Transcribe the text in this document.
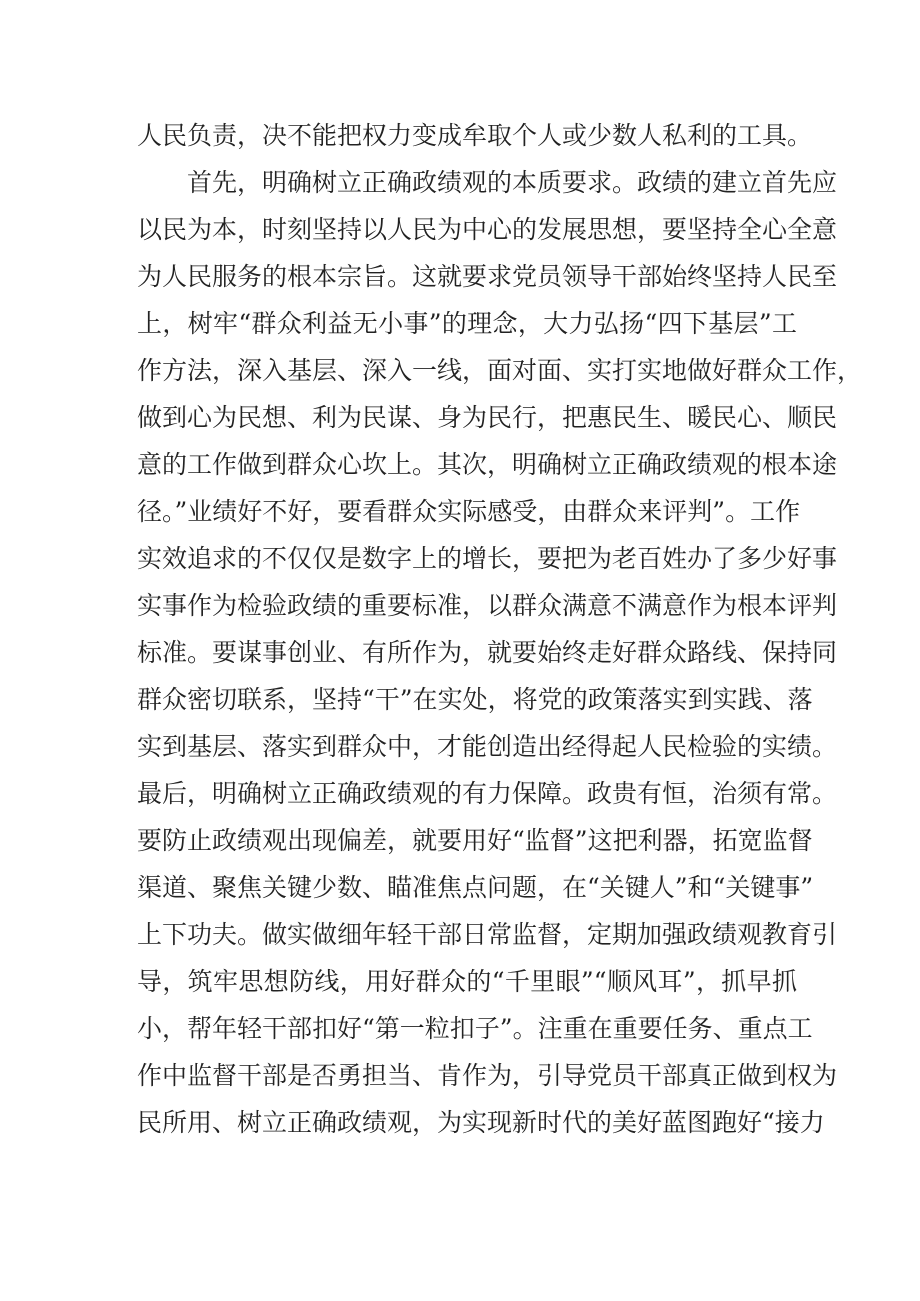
人民负责，决不能把权力变成牟取个人或少数人私利的工具。
　　首先，明确树立正确政绩观的本质要求。政绩的建立首先应
以民为本，时刻坚持以人民为中心的发展思想，要坚持全心全意
为人民服务的根本宗旨。这就要求党员领导干部始终坚持人民至
上，树牢“群众利益无小事”的理念，大力弘扬“四下基层”工
作方法，深入基层、深入一线，面对面、实打实地做好群众工作，
做到心为民想、利为民谋、身为民行，把惠民生、暖民心、顺民
意的工作做到群众心坎上。其次，明确树立正确政绩观的根本途
径。”业绩好不好，要看群众实际感受，由群众来评判”。工作
实效追求的不仅仅是数字上的增长，要把为老百姓办了多少好事
实事作为检验政绩的重要标准，以群众满意不满意作为根本评判
标准。要谋事创业、有所作为，就要始终走好群众路线、保持同
群众密切联系，坚持“干”在实处，将党的政策落实到实践、落
实到基层、落实到群众中，才能创造出经得起人民检验的实绩。
最后，明确树立正确政绩观的有力保障。政贵有恒，治须有常。
要防止政绩观出现偏差，就要用好“监督”这把利器，拓宽监督
渠道、聚焦关键少数、瞄准焦点问题，在“关键人”和“关键事”
上下功夫。做实做细年轻干部日常监督，定期加强政绩观教育引
导，筑牢思想防线，用好群众的“千里眼”“顺风耳”，抓早抓
小，帮年轻干部扣好“第一粒扣子”。注重在重要任务、重点工
作中监督干部是否勇担当、肯作为，引导党员干部真正做到权为
民所用、树立正确政绩观，为实现新时代的美好蓝图跑好“接力
